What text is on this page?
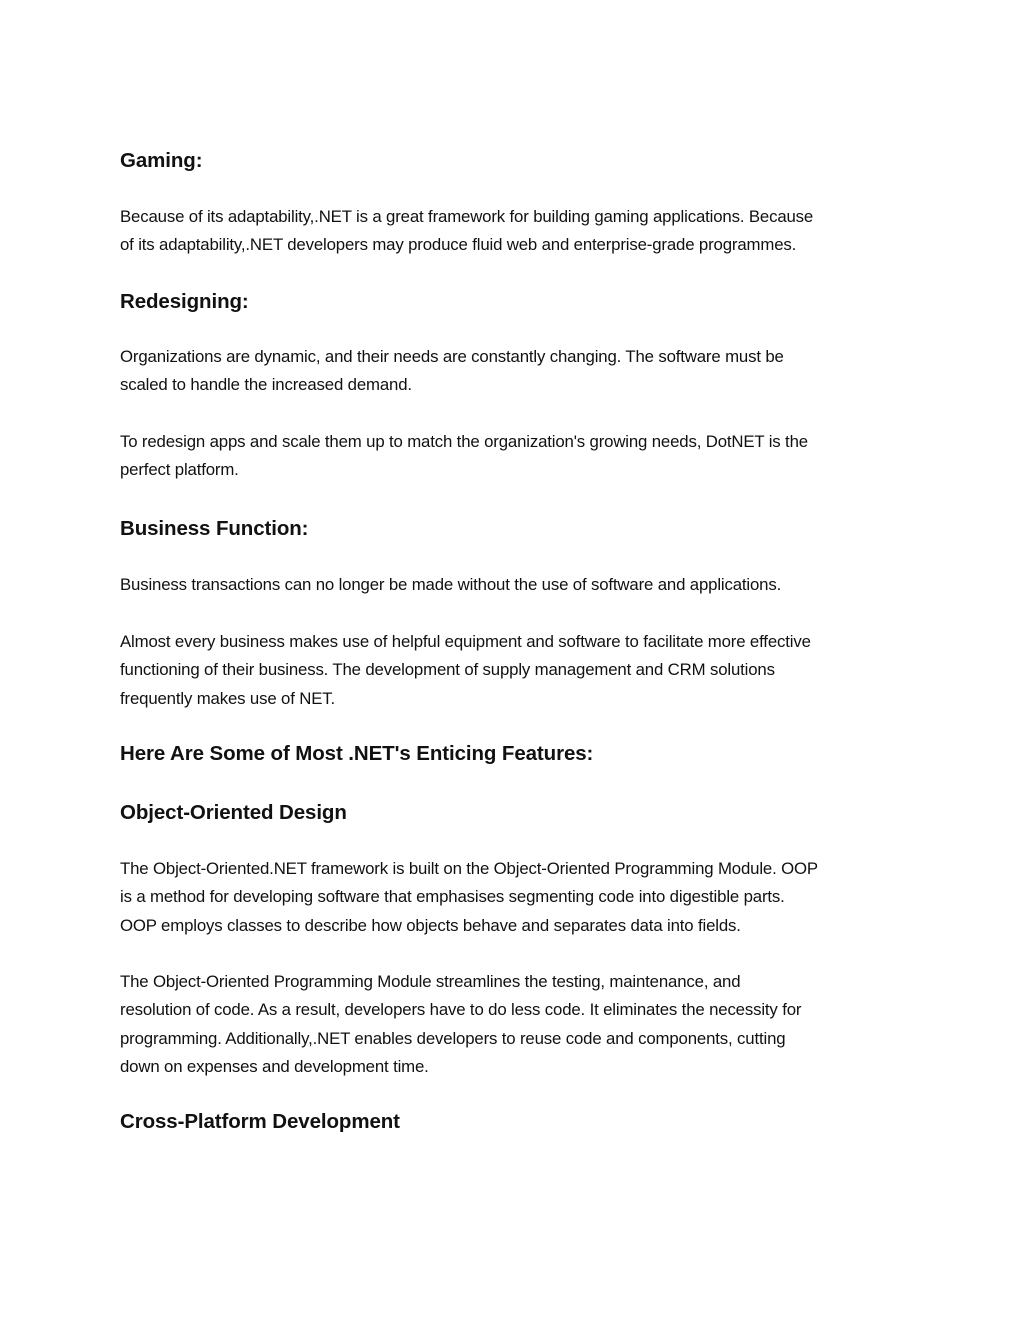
Gaming:

Because of its adaptability,.NET is a great framework for building gaming applications. Because
of its adaptability,.NET developers may produce fluid web and enterprise-grade programmes.

Redesigning:

Organizations are dynamic, and their needs are constantly changing. The software must be
scaled to handle the increased demand.

To redesign apps and scale them up to match the organization's growing needs, DotNET is the
perfect platform.

Business Function:

Business transactions can no longer be made without the use of software and applications.

Almost every business makes use of helpful equipment and software to facilitate more effective
functioning of their business. The development of supply management and CRM solutions
frequently makes use of NET.

Here Are Some of Most .NET's Enticing Features:
Object-Oriented Design

The Object-Oriented.NET framework is built on the Object-Oriented Programming Module. OOP
is a method for developing software that emphasises segmenting code into digestible parts.
OOP employs classes to describe how objects behave and separates data into fields.

The Object-Oriented Programming Module streamlines the testing, maintenance, and
resolution of code. As a result, developers have to do less code. It eliminates the necessity for
programming. Additionally,.NET enables developers to reuse code and components, cutting
down on expenses and development time.

Cross-Platform Development
